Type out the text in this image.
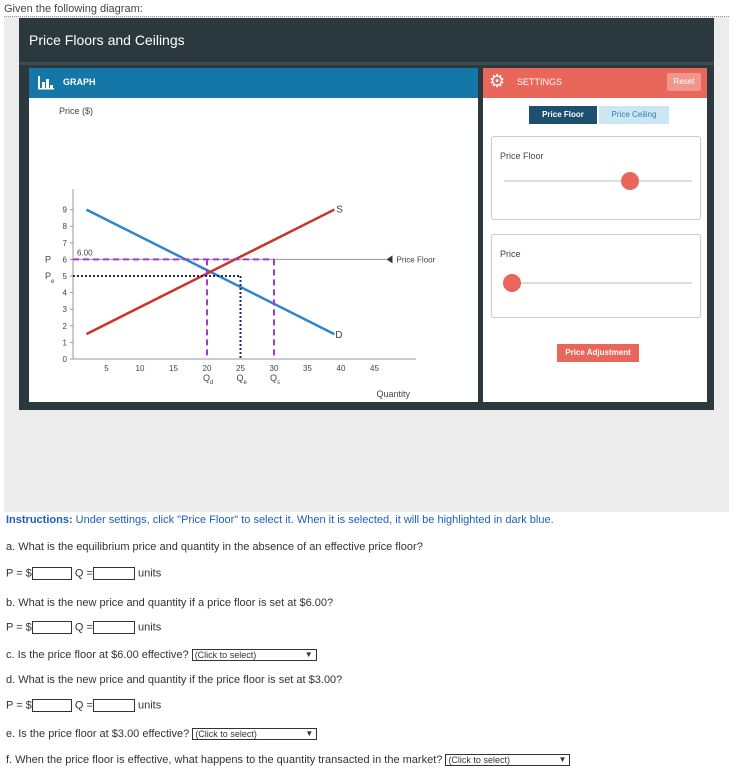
Given the following diagram:
Price Floors and Ceilings
GRAPH
Price ($)
0
1
2
3
4
5
6
7
8
9
5	10	15	20	25	30	35	40	45
Quantity
Price Floor
6.00
S
D
P
P
e
Q d	Q e	Q s
⚙	SETTINGS	Reset
Price Floor	Price Ceiling
Price Floor
Price
Price Adjustment
Instructions: Under settings, click "Price Floor" to select it. When it is selected, it will be highlighted in dark blue.
a. What is the equilibrium price and quantity in the absence of an effective price floor?
P = $	Q =	units
b. What is the new price and quantity if a price floor is set at $6.00?
P = $	Q =	units
c. Is the price floor at $6.00 effective? (Click to select)	▼
d. What is the new price and quantity if the price floor is set at $3.00?
P = $	Q =	units
e. Is the price floor at $3.00 effective? (Click to select)	▼
f. When the price floor is effective, what happens to the quantity transacted in the market? (Click to select)	▼
